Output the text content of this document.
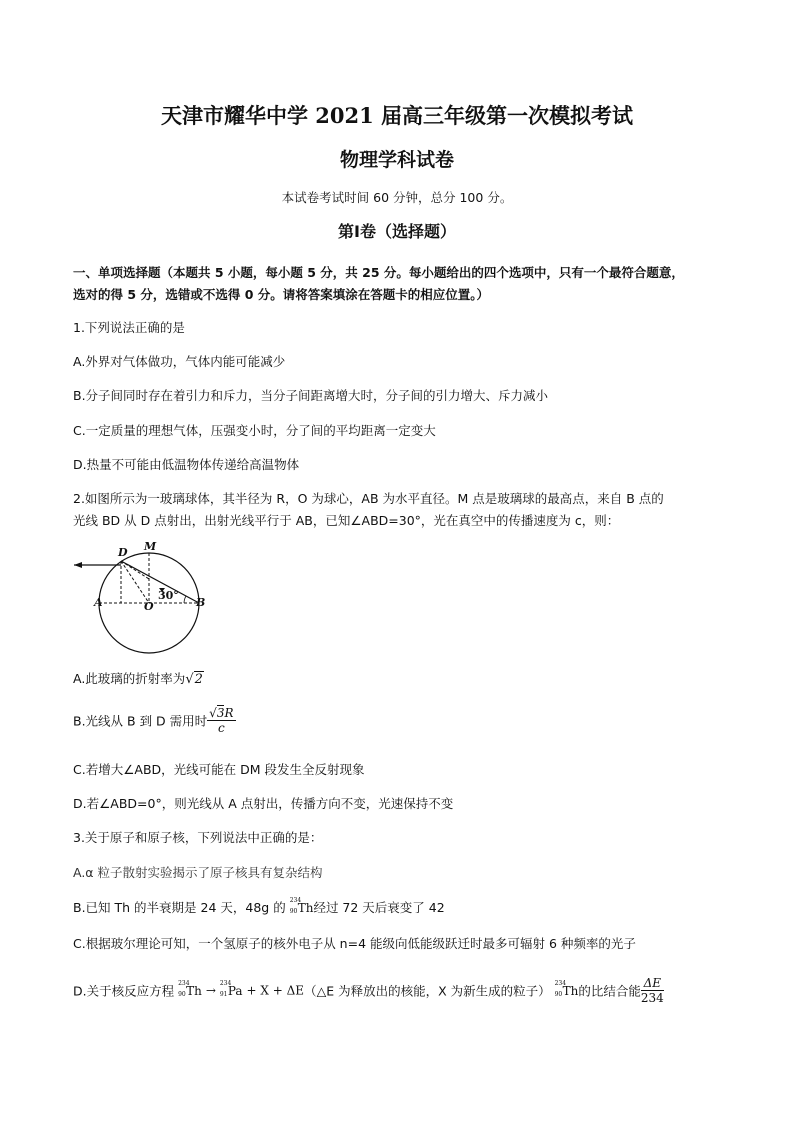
天津市耀华中学 2021 届高三年级第一次模拟考试
物理学科试卷
本试卷考试时间 60 分钟，总分 100 分。
第Ⅰ卷（选择题）
一、单项选择题（本题共 5 小题，每小题 5 分，共 25 分。每小题给出的四个选项中，只有一个最符合题意，
选对的得 5 分，选错或不选得 0 分。请将答案填涂在答题卡的相应位置。）
1.下列说法正确的是
A.外界对气体做功，气体内能可能减少
B.分子间同时存在着引力和斥力，当分子间距离增大时，分子间的引力增大、斥力减小
C.一定质量的理想气体，压强变小时，分了间的平均距离一定变大
D.热量不可能由低温物体传递给高温物体
2.如图所示为一玻璃球体，其半径为 R，O 为球心，AB 为水平直径。M 点是玻璃球的最高点，来自 B 点的
光线 BD 从 D 点射出，出射光线平行于 AB，已知∠ABD=30°，光在真空中的传播速度为 c，则：
D M
A	O	B
30°
A.此玻璃的折射率为√2
B.光线从 B 到 D 需用时 $\frac{√3R}{c}$
C.若增大∠ABD，光线可能在 DM 段发生全反射现象
D.若∠ABD=0°，则光线从 A 点射出，传播方向不变，光速保持不变
3.关于原子和原子核，下列说法中正确的是：
A.α 粒子散射实验揭示了原子核具有复杂结构
B.已知 Th 的半衰期是 24 天，48g 的 234
90 Th经过 72 天后衰变了 42
C.根据玻尔理论可知，一个氢原子的核外电子从 n=4 能级向低能级跃迁时最多可辐射 6 种频率的光子
D.关于核反应方程
234
90 Th →
234
91 Pa + X + ΔE（△E 为释放出的核能，X 为新生成的粒子）
234
90 Th的比结合能 $\frac{\Delta E}{234}$
